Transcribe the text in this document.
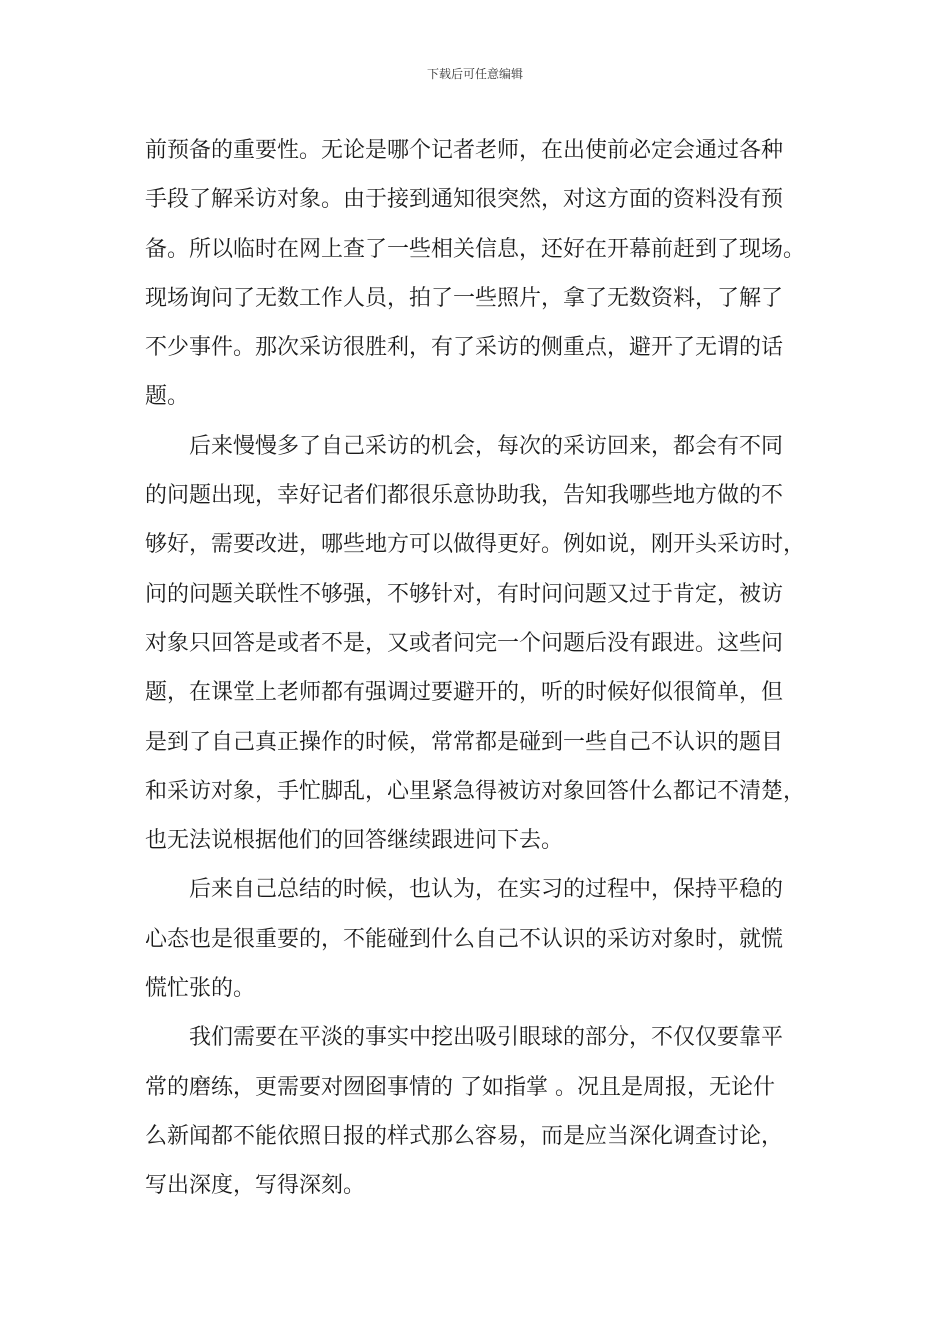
下载后可任意编辑
前预备的重要性。无论是哪个记者老师，在出使前必定会通过各种
手段了解采访对象。由于接到通知很突然，对这方面的资料没有预
备。所以临时在网上查了一些相关信息，还好在开幕前赶到了现场。
现场询问了无数工作人员，拍了一些照片，拿了无数资料，了解了
不少事件。那次采访很胜利，有了采访的侧重点，避开了无谓的话
题。
后来慢慢多了自己采访的机会，每次的采访回来，都会有不同
的问题出现，幸好记者们都很乐意协助我，告知我哪些地方做的不
够好，需要改进，哪些地方可以做得更好。例如说，刚开头采访时，
问的问题关联性不够强，不够针对，有时问问题又过于肯定，被访
对象只回答是或者不是，又或者问完一个问题后没有跟进。这些问
题，在课堂上老师都有强调过要避开的，听的时候好似很简单，但
是到了自己真正操作的时候，常常都是碰到一些自己不认识的题目
和采访对象，手忙脚乱，心里紧急得被访对象回答什么都记不清楚，
也无法说根据他们的回答继续跟进问下去。
后来自己总结的时候，也认为，在实习的过程中，保持平稳的
心态也是很重要的，不能碰到什么自己不认识的采访对象时，就慌
慌忙张的。
我们需要在平淡的事实中挖出吸引眼球的部分，不仅仅要靠平
常的磨练，更需要对囫囵事情的 了如指掌 。况且是周报，无论什
么新闻都不能依照日报的样式那么容易，而是应当深化调查讨论，
写出深度，写得深刻。
